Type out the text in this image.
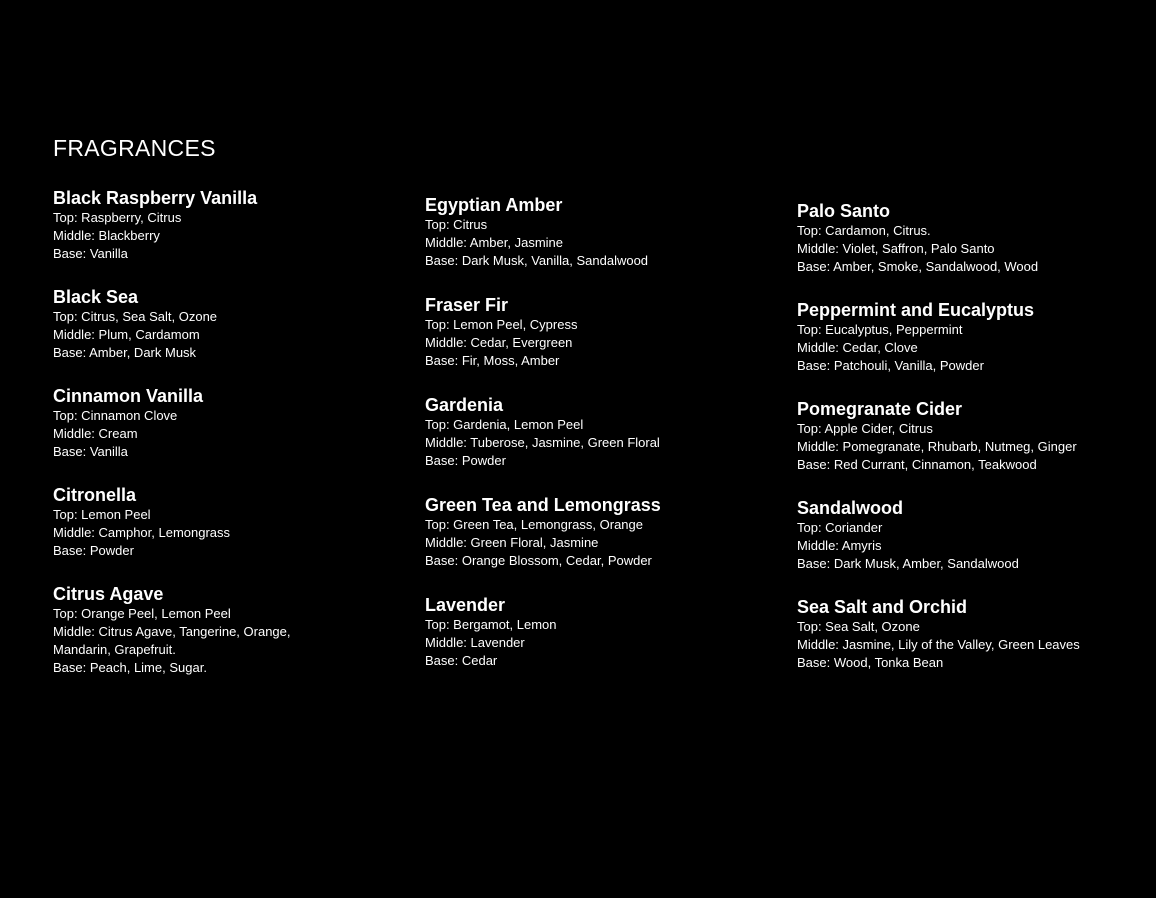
FRAGRANCES
Black Raspberry Vanilla

Top: Raspberry, Citrus

Middle: Blackberry

Base: Vanilla

Black Sea

Top: Citrus, Sea Salt, Ozone

Middle: Plum, Cardamom

Base: Amber, Dark Musk

Cinnamon Vanilla

Top: Cinnamon Clove

Middle: Cream

Base: Vanilla

Citronella

Top: Lemon Peel

Middle: Camphor, Lemongrass

Base: Powder

Citrus Agave

Top: Orange Peel, Lemon Peel

Middle: Citrus Agave, Tangerine, Orange,

Mandarin, Grapefruit.

Base: Peach, Lime, Sugar.

Egyptian Amber

Top: Citrus

Middle: Amber, Jasmine

Base: Dark Musk, Vanilla, Sandalwood

Fraser Fir

Top: Lemon Peel, Cypress

Middle: Cedar, Evergreen

Base: Fir, Moss, Amber

Gardenia

Top: Gardenia, Lemon Peel

Middle: Tuberose, Jasmine, Green Floral

Base: Powder

Green Tea and Lemongrass

Top: Green Tea, Lemongrass, Orange

Middle: Green Floral, Jasmine

Base: Orange Blossom, Cedar, Powder

Lavender

Top: Bergamot, Lemon

Middle: Lavender

Base: Cedar

Palo Santo

Top: Cardamon, Citrus.

Middle: Violet, Saffron, Palo Santo

Base: Amber, Smoke, Sandalwood, Wood

Peppermint and Eucalyptus

Top: Eucalyptus, Peppermint

Middle: Cedar, Clove

Base: Patchouli, Vanilla, Powder

Pomegranate Cider

Top: Apple Cider, Citrus

Middle: Pomegranate, Rhubarb, Nutmeg, Ginger

Base: Red Currant, Cinnamon, Teakwood

Sandalwood

Top: Coriander

Middle: Amyris

Base: Dark Musk, Amber, Sandalwood

Sea Salt and Orchid

Top: Sea Salt, Ozone

Middle: Jasmine, Lily of the Valley, Green Leaves

Base: Wood, Tonka Bean
